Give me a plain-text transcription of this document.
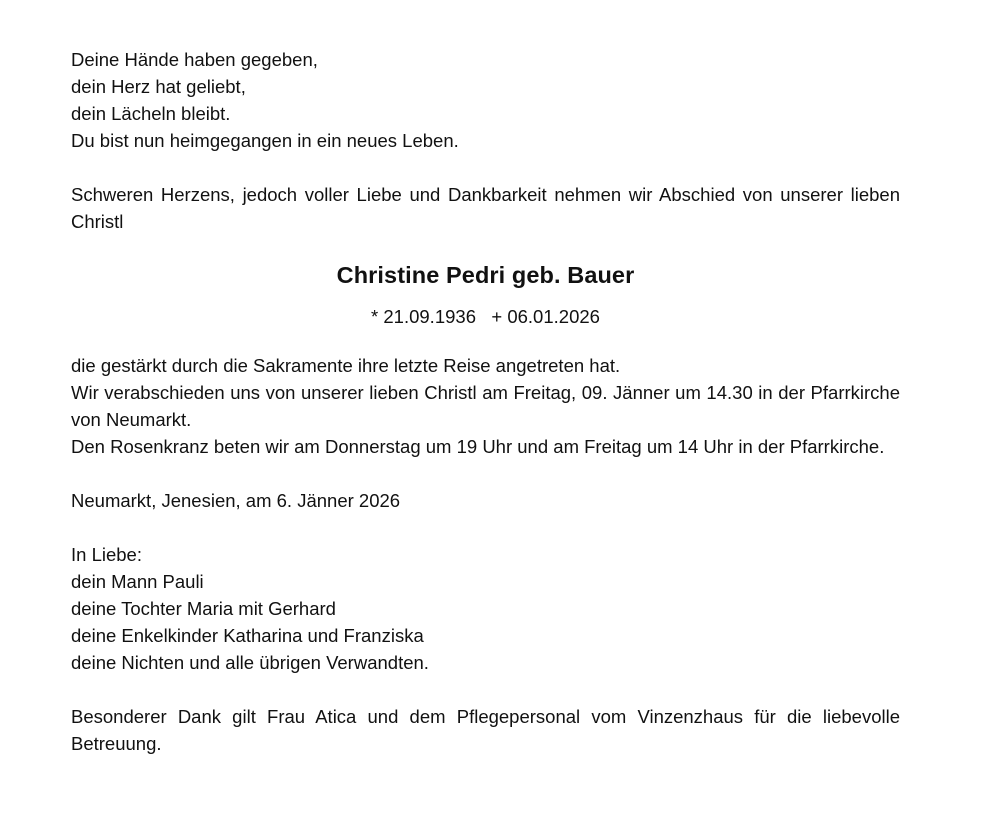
Deine Hände haben gegeben,
dein Herz hat geliebt,
dein Lächeln bleibt.
Du bist nun heimgegangen in ein neues Leben.
Schweren Herzens, jedoch voller Liebe und Dankbarkeit nehmen wir Abschied von unserer lieben Christl
Christine Pedri geb. Bauer
* 21.09.1936   + 06.01.2026
die gestärkt durch die Sakramente ihre letzte Reise angetreten hat.
Wir verabschieden uns von unserer lieben Christl am Freitag, 09. Jänner um 14.30 in der Pfarrkirche von Neumarkt.
Den Rosenkranz beten wir am Donnerstag um 19 Uhr und am Freitag um 14 Uhr in der Pfarrkirche.
Neumarkt, Jenesien, am 6. Jänner 2026
In Liebe:
dein Mann Pauli
deine Tochter Maria mit Gerhard
deine Enkelkinder Katharina und Franziska
deine Nichten und alle übrigen Verwandten.
Besonderer Dank gilt Frau Atica und dem Pflegepersonal vom Vinzenzhaus für die liebevolle Betreuung.
